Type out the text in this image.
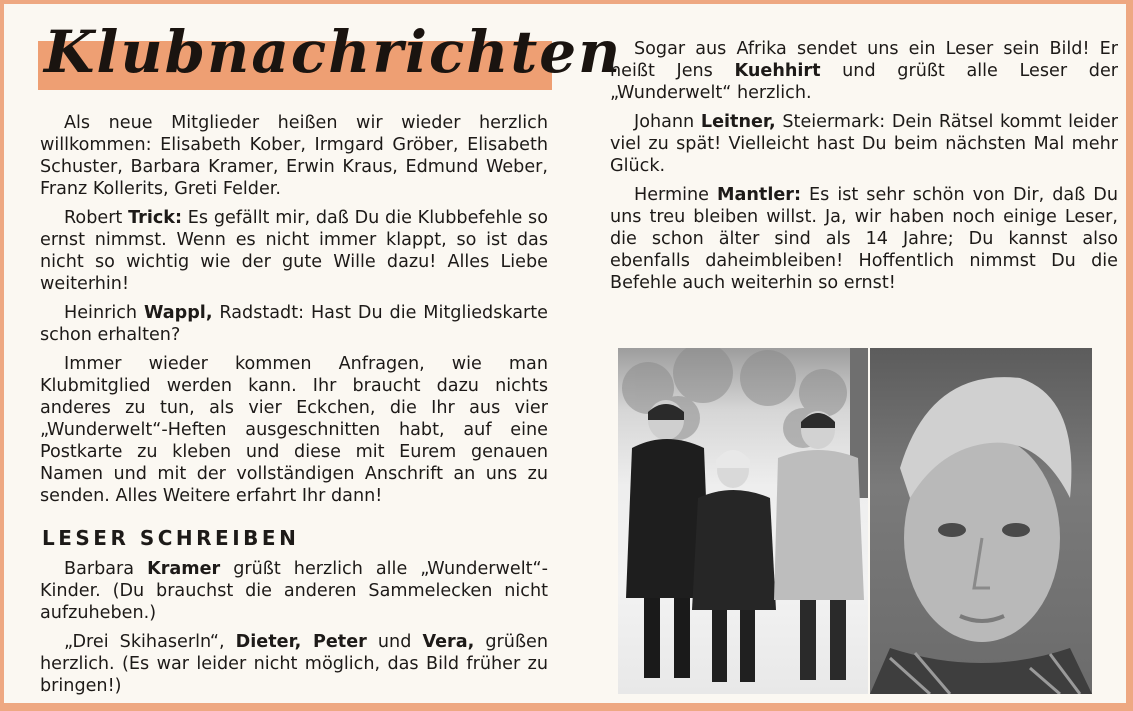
Klubnachrichten

Als neue Mitglieder heißen wir wieder herzlich willkommen: Elisabeth Kober, Irmgard Gröber, Elisabeth Schuster, Barbara Kramer, Erwin Kraus, Edmund Weber, Franz Kollerits, Greti Felder.

Robert Trick: Es gefällt mir, daß Du die Klubbefehle so ernst nimmst. Wenn es nicht immer klappt, so ist das nicht so wichtig wie der gute Wille dazu! Alles Liebe weiterhin!

Heinrich Wappl, Radstadt: Hast Du die Mitgliedskarte schon erhalten?

Immer wieder kommen Anfragen, wie man Klubmitglied werden kann. Ihr braucht dazu nichts anderes zu tun, als vier Eckchen, die Ihr aus vier „Wunderwelt“-Heften ausgeschnitten habt, auf eine Postkarte zu kleben und diese mit Eurem genauen Namen und mit der vollständigen Anschrift an uns zu senden. Alles Weitere erfahrt Ihr dann!

LESER SCHREIBEN

Barbara Kramer grüßt herzlich alle „Wunderwelt“-Kinder. (Du brauchst die anderen Sammelecken nicht aufzuheben.)

„Drei Skihaserln“, Dieter, Peter und Vera, grüßen herzlich. (Es war leider nicht möglich, das Bild früher zu bringen!)

Sogar aus Afrika sendet uns ein Leser sein Bild! Er heißt Jens Kuehhirt und grüßt alle Leser der „Wunderwelt“ herzlich.

Johann Leitner, Steiermark: Dein Rätsel kommt leider viel zu spät! Vielleicht hast Du beim nächsten Mal mehr Glück.

Hermine Mantler: Es ist sehr schön von Dir, daß Du uns treu bleiben willst. Ja, wir haben noch einige Leser, die schon älter sind als 14 Jahre; Du kannst also ebenfalls daheimbleiben! Hoffentlich nimmst Du die Befehle auch weiterhin so ernst!
